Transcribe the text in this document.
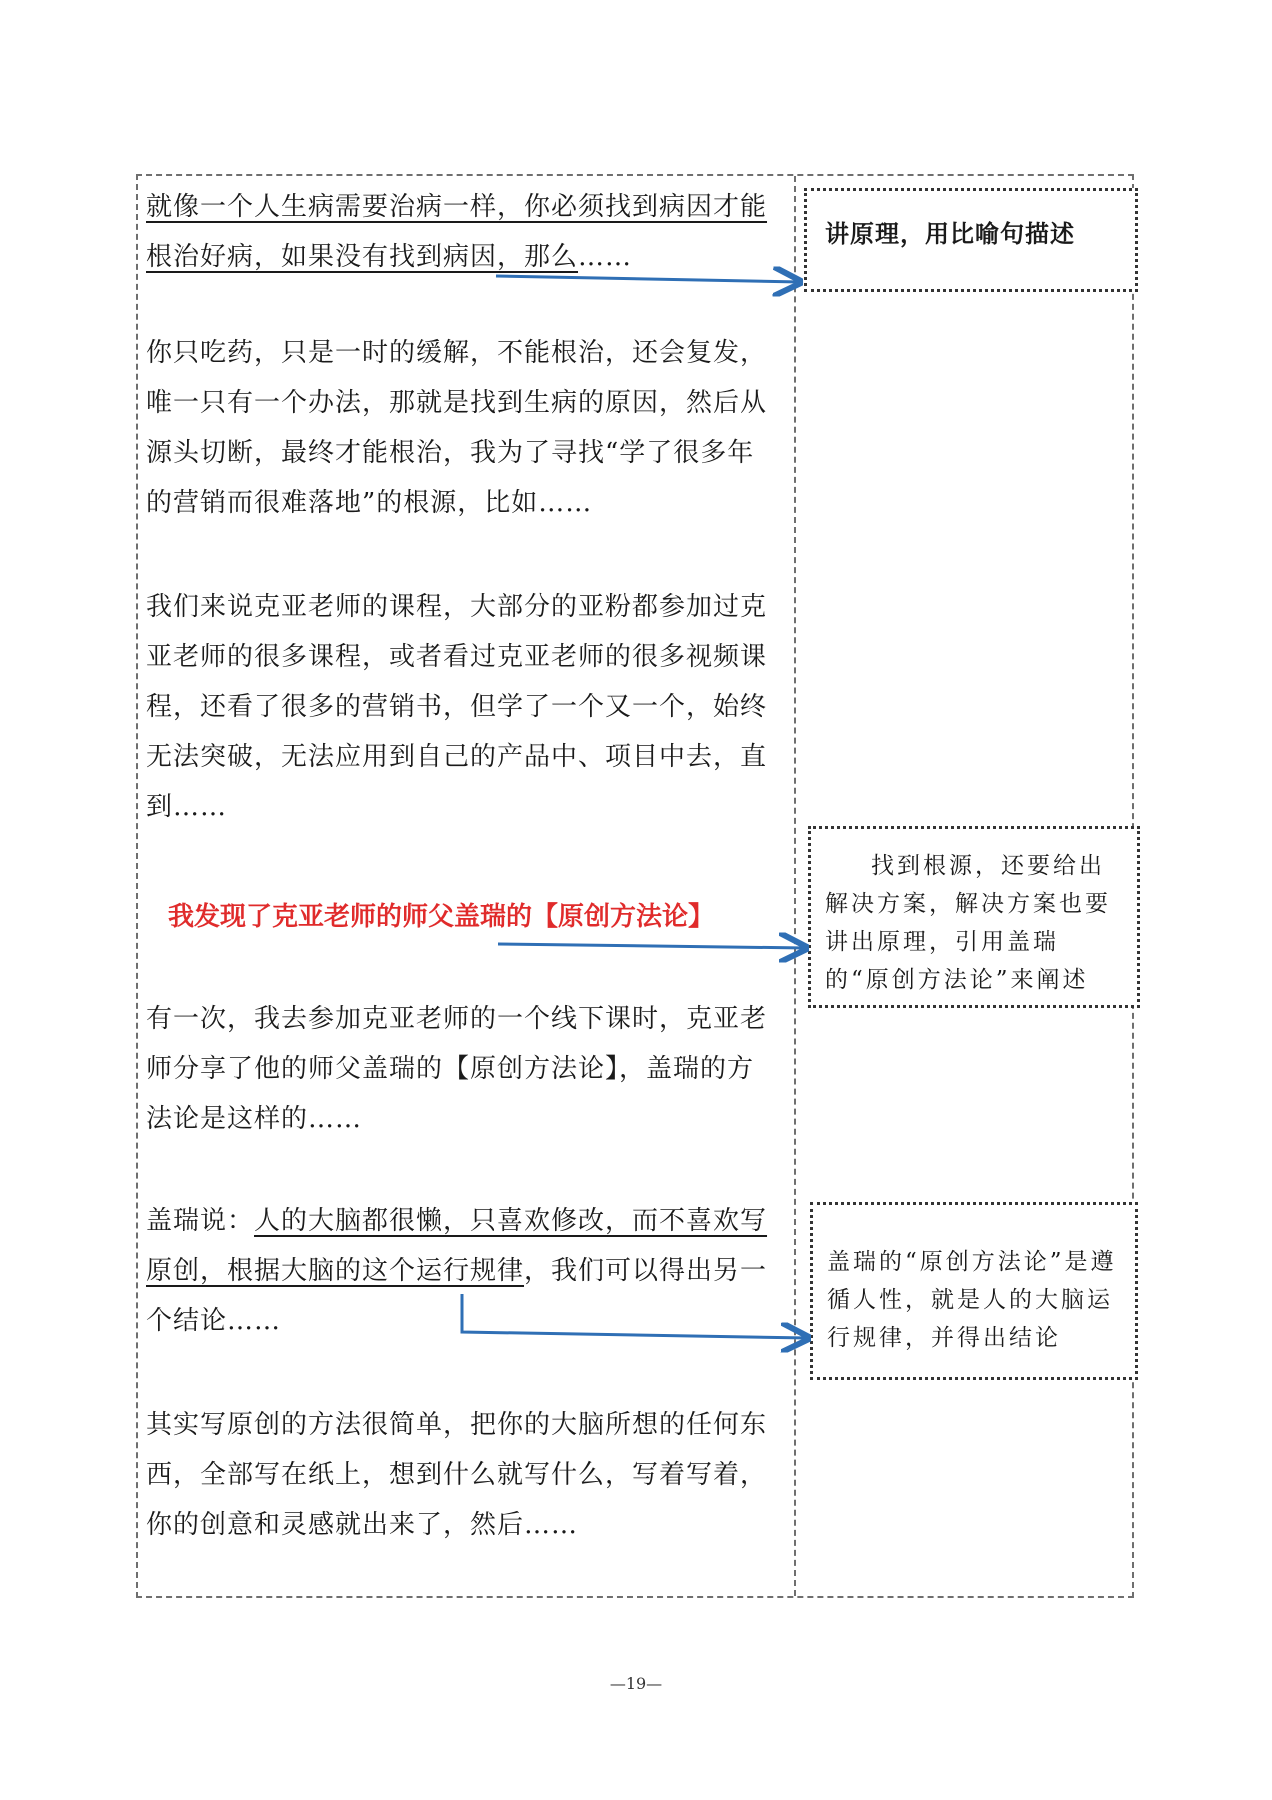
就像一个人生病需要治病一样，你必须找到病因才能根治好病，如果没有找到病因，那么……

你只吃药，只是一时的缓解，不能根治，还会复发，唯一只有一个办法，那就是找到生病的原因，然后从源头切断，最终才能根治，我为了寻找“学了很多年的营销而很难落地”的根源，比如……

我们来说克亚老师的课程，大部分的亚粉都参加过克亚老师的很多课程，或者看过克亚老师的很多视频课程，还看了很多的营销书，但学了一个又一个，始终无法突破，无法应用到自己的产品中、项目中去，直到……

我发现了克亚老师的师父盖瑞的【原创方法论】

有一次，我去参加克亚老师的一个线下课时，克亚老师分享了他的师父盖瑞的【原创方法论】，盖瑞的方法论是这样的……

盖瑞说：人的大脑都很懒，只喜欢修改，而不喜欢写原创，根据大脑的这个运行规律，我们可以得出另一个结论……

其实写原创的方法很简单，把你的大脑所想的任何东西，全部写在纸上，想到什么就写什么，写着写着，你的创意和灵感就出来了，然后……

讲原理，用比喻句描述
找到根源，还要给出解决方案，解决方案也要讲出原理，引用盖瑞的“原创方法论”来阐述
盖瑞的“原创方法论”是遵循人性，就是人的大脑运行规律，并得出结论
—19—
